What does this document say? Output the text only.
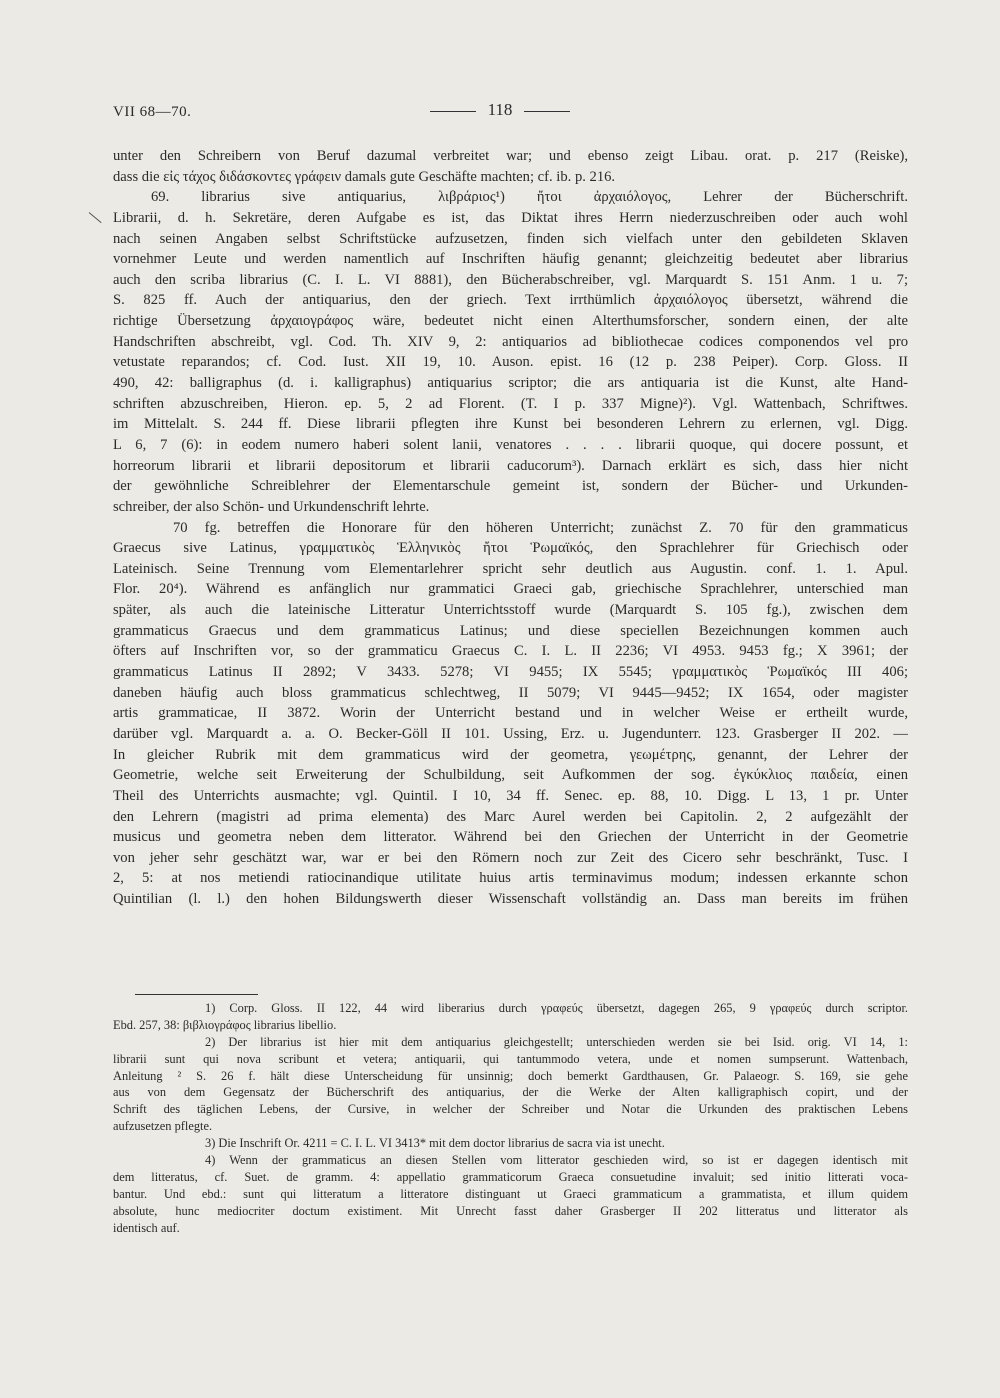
VII 68—70.	118
unter den Schreibern von Beruf dazumal verbreitet war; und ebenso zeigt Libau. orat. p. 217 (Reiske),
dass die εἰς τάχος διδάσκοντες γράφειν damals gute Geschäfte machten; cf. ib. p. 216.
69. librarius sive antiquarius, λιβράριος¹) ἤτοι ἀρχαιόλογος, Lehrer der Bücherschrift.
Librarii, d. h. Sekretäre, deren Aufgabe es ist, das Diktat ihres Herrn niederzuschreiben oder auch wohl
nach seinen Angaben selbst Schriftstücke aufzusetzen, finden sich vielfach unter den gebildeten Sklaven
vornehmer Leute und werden namentlich auf Inschriften häufig genannt; gleichzeitig bedeutet aber librarius
auch den scriba librarius (C. I. L. VI 8881), den Bücherabschreiber, vgl. Marquardt S. 151 Anm. 1 u. 7;
S. 825 ff. Auch der antiquarius, den der griech. Text irrthümlich ἀρχαιόλογος übersetzt, während die
richtige Übersetzung ἀρχαιογράφος wäre, bedeutet nicht einen Alterthumsforscher, sondern einen, der alte
Handschriften abschreibt, vgl. Cod. Th. XIV 9, 2: antiquarios ad bibliothecae codices componendos vel pro
vetustate reparandos; cf. Cod. Iust. XII 19, 10. Auson. epist. 16 (12 p. 238 Peiper). Corp. Gloss. II
490, 42: balligraphus (d. i. kalligraphus) antiquarius scriptor; die ars antiquaria ist die Kunst, alte Hand-
schriften abzuschreiben, Hieron. ep. 5, 2 ad Florent. (T. I p. 337 Migne)²). Vgl. Wattenbach, Schriftwes.
im Mittelalt. S. 244 ff. Diese librarii pflegten ihre Kunst bei besonderen Lehrern zu erlernen, vgl. Digg.
L 6, 7 (6): in eodem numero haberi solent lanii, venatores . . . . librarii quoque, qui docere possunt, et
horreorum librarii et librarii depositorum et librarii caducorum³). Darnach erklärt es sich, dass hier nicht
der gewöhnliche Schreiblehrer der Elementarschule gemeint ist, sondern der Bücher- und Urkunden-
schreiber, der also Schön- und Urkundenschrift lehrte.
70 fg. betreffen die Honorare für den höheren Unterricht; zunächst Z. 70 für den grammaticus
Graecus sive Latinus, γραμματικὸς Ἑλληνικὸς ἤτοι Ῥωμαϊκός, den Sprachlehrer für Griechisch oder
Lateinisch. Seine Trennung vom Elementarlehrer spricht sehr deutlich aus Augustin. conf. 1. 1. Apul.
Flor. 20⁴). Während es anfänglich nur grammatici Graeci gab, griechische Sprachlehrer, unterschied man
später, als auch die lateinische Litteratur Unterrichtsstoff wurde (Marquardt S. 105 fg.), zwischen dem
grammaticus Graecus und dem grammaticus Latinus; und diese speciellen Bezeichnungen kommen auch
öfters auf Inschriften vor, so der grammaticu Graecus C. I. L. II 2236; VI 4953. 9453 fg.; X 3961; der
grammaticus Latinus II 2892; V 3433. 5278; VI 9455; IX 5545; γραμματικὸς Ῥωμαϊκός III 406;
daneben häufig auch bloss grammaticus schlechtweg, II 5079; VI 9445—9452; IX 1654, oder magister
artis grammaticae, II 3872. Worin der Unterricht bestand und in welcher Weise er ertheilt wurde,
darüber vgl. Marquardt a. a. O. Becker-Göll II 101. Ussing, Erz. u. Jugendunterr. 123. Grasberger II 202. —
In gleicher Rubrik mit dem grammaticus wird der geometra, γεωμέτρης, genannt, der Lehrer der
Geometrie, welche seit Erweiterung der Schulbildung, seit Aufkommen der sog. ἐγκύκλιος παιδεία, einen
Theil des Unterrichts ausmachte; vgl. Quintil. I 10, 34 ff. Senec. ep. 88, 10. Digg. L 13, 1 pr. Unter
den Lehrern (magistri ad prima elementa) des Marc Aurel werden bei Capitolin. 2, 2 aufgezählt der
musicus und geometra neben dem litterator. Während bei den Griechen der Unterricht in der Geometrie
von jeher sehr geschätzt war, war er bei den Römern noch zur Zeit des Cicero sehr beschränkt, Tusc. I
2, 5: at nos metiendi ratiocinandique utilitate huius artis terminavimus modum; indessen erkannte schon
Quintilian (l. l.) den hohen Bildungswerth dieser Wissenschaft vollständig an. Dass man bereits im frühen
1) Corp. Gloss. II 122, 44 wird liberarius durch γραφεύς übersetzt, dagegen 265, 9 γραφεύς durch scriptor.
Ebd. 257, 38: βιβλιογράφος librarius libellio.
2) Der librarius ist hier mit dem antiquarius gleichgestellt; unterschieden werden sie bei Isid. orig. VI 14, 1:
librarii sunt qui nova scribunt et vetera; antiquarii, qui tantummodo vetera, unde et nomen sumpserunt. Wattenbach,
Anleitung ² S. 26 f. hält diese Unterscheidung für unsinnig; doch bemerkt Gardthausen, Gr. Palaeogr. S. 169, sie gehe
aus von dem Gegensatz der Bücherschrift des antiquarius, der die Werke der Alten kalligraphisch copirt, und der
Schrift des täglichen Lebens, der Cursive, in welcher der Schreiber und Notar die Urkunden des praktischen Lebens
aufzusetzen pflegte.
3) Die Inschrift Or. 4211 = C. I. L. VI 3413* mit dem doctor librarius de sacra via ist unecht.
4) Wenn der grammaticus an diesen Stellen vom litterator geschieden wird, so ist er dagegen identisch mit
dem litteratus, cf. Suet. de gramm. 4: appellatio grammaticorum Graeca consuetudine invaluit; sed initio litterati voca-
bantur. Und ebd.: sunt qui litteratum a litteratore distinguant ut Graeci grammaticum a grammatista, et illum quidem
absolute, hunc mediocriter doctum existiment. Mit Unrecht fasst daher Grasberger II 202 litteratus und litterator als
identisch auf.
